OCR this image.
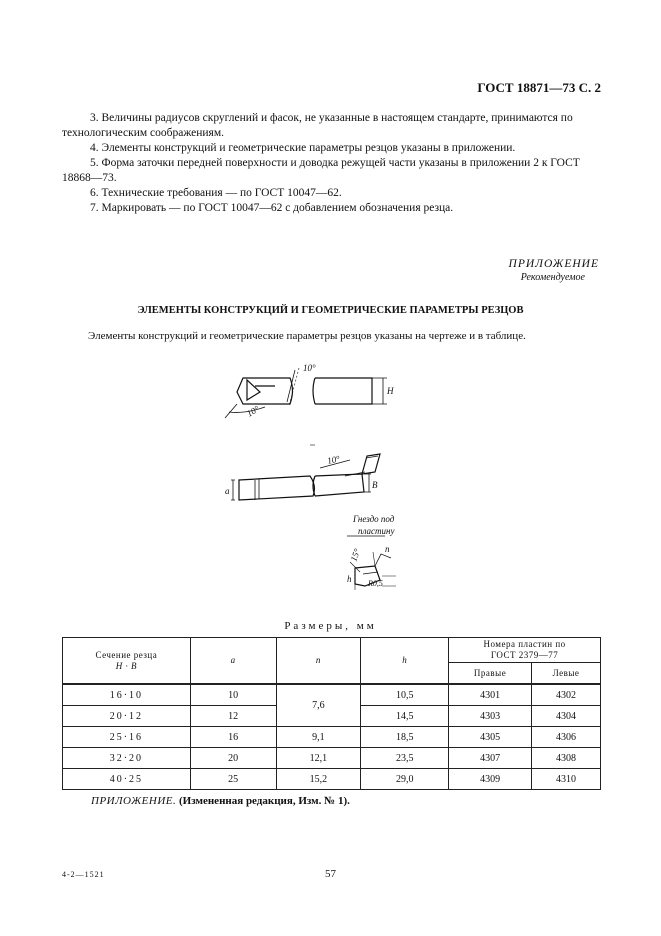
ГОСТ 18871—73 С. 2
3. Величины радиусов скруглений и фасок, не указанные в настоящем стандарте, принимаются по технологическим соображениям.
4. Элементы конструкций и геометрические параметры резцов указаны в приложении.
5. Форма заточки передней поверхности и доводка режущей части указаны в приложении 2 к ГОСТ 18868—73.
6. Технические требования — по ГОСТ 10047—62.
7. Маркировать — по ГОСТ 10047—62 с добавлением обозначения резца.
ПРИЛОЖЕНИЕ
Рекомендуемое
ЭЛЕМЕНТЫ КОНСТРУКЦИЙ И ГЕОМЕТРИЧЕСКИЕ ПАРАМЕТРЫ РЕЗЦОВ
Элементы конструкций и геометрические параметры резцов указаны на чертеже и в таблице.
10°
10°
H
10°
a
B
Гнездо под
пластину
15°	n
h R0,5
Размеры, мм
Сечение резца
H · B	a	n	h	Номера пластин по ГОСТ 2379—77	
				Правые	Левые
16·10	10	7,6	10,5	4301	4302
20·12	12		14,5	4303	4304
25·16	16	9,1	18,5	4305	4306
32·20	20	12,1	23,5	4307	4308
40·25	25	15,2	29,0	4309	4310
ПРИЛОЖЕНИЕ. (Измененная редакция, Изм. № 1).
4-2—1521	57
